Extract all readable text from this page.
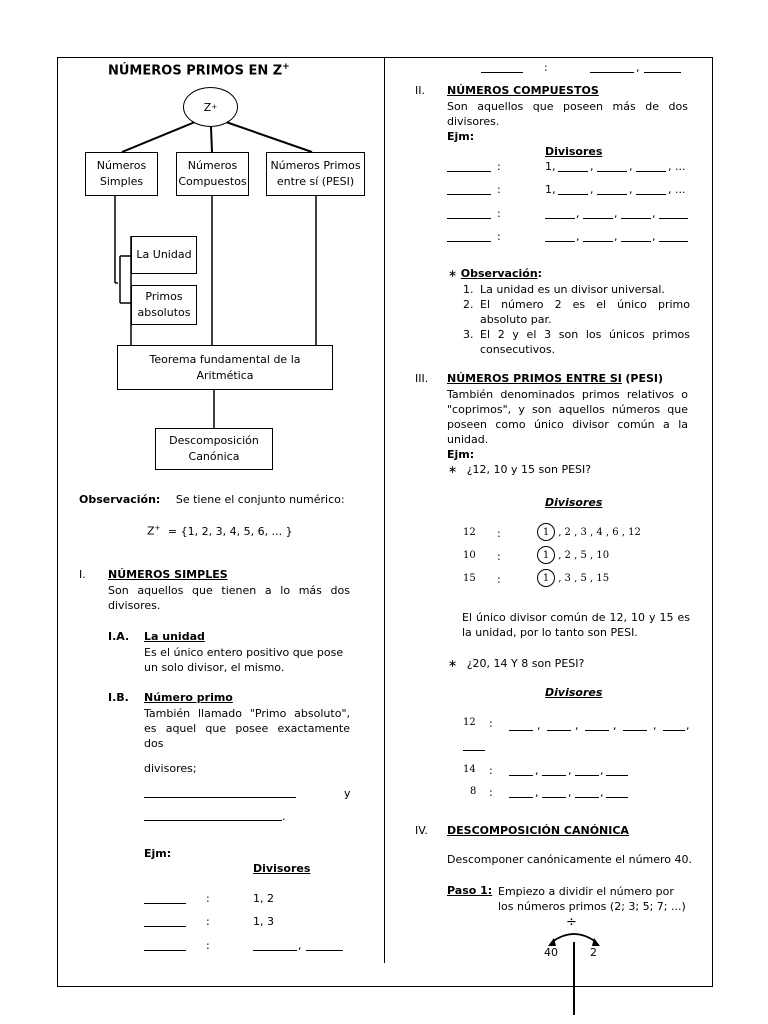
NÚMEROS PRIMOS EN Z+
Z +
Números
Simples
Números
Compuestos
Números Primos
entre sí (PESI)
La Unidad
Primos
absolutos
Teorema fundamental de la
Aritmética
Descomposición
Canónica
Observación: Se tiene el conjunto numérico:
Z+ = {1, 2, 3, 4, 5, 6, ... }
I. NÚMEROS SIMPLES
Son aquellos que tienen a lo más dos divisores.
I.A. La unidad
Es el único entero positivo que pose un solo divisor, el mismo.
I.B. Número primo
También llamado "Primo absoluto", es aquel que posee exactamente dos
divisores;
y
.
Ejm:
Divisores
:	1, 2
:	1, 3
:	,
:	,
II. NÚMEROS COMPUESTOS
Son aquellos que poseen más de dos divisores.
Ejm:
Divisores
:	1,	,	,	, ...
:	1,	,	,	, ...
:	,	,	,
:	,	,	,
∗ Observación:
1. La unidad es un divisor universal.
2. El número 2 es el único primo absoluto par.
3. El 2 y el 3 son los únicos primos consecutivos.
III. NÚMEROS PRIMOS ENTRE SI (PESI)
También denominados primos relativos o "coprimos", y son aquellos números que poseen como único divisor común a la unidad.
Ejm:
∗ ¿12, 10 y 15 son PESI?
Divisores
12 :	1 , 2 , 3 , 4 , 6 , 12
10 :	1 , 2 , 5 , 10
15 :	1 , 3 , 5 , 15
El único divisor común de 12, 10 y 15 es la unidad, por lo tanto son PESI.
∗ ¿20, 14 Y 8 son PESI?
Divisores
12 :	,	,	,	,	,
14 :	,	,	,
8 :	,	,	,
IV. DESCOMPOSICIÓN CANÓNICA
Descomponer canónicamente el número 40.
Paso 1: Empiezo a dividir el número por los números primos (2; 3; 5; 7; ...)
÷
40	2
